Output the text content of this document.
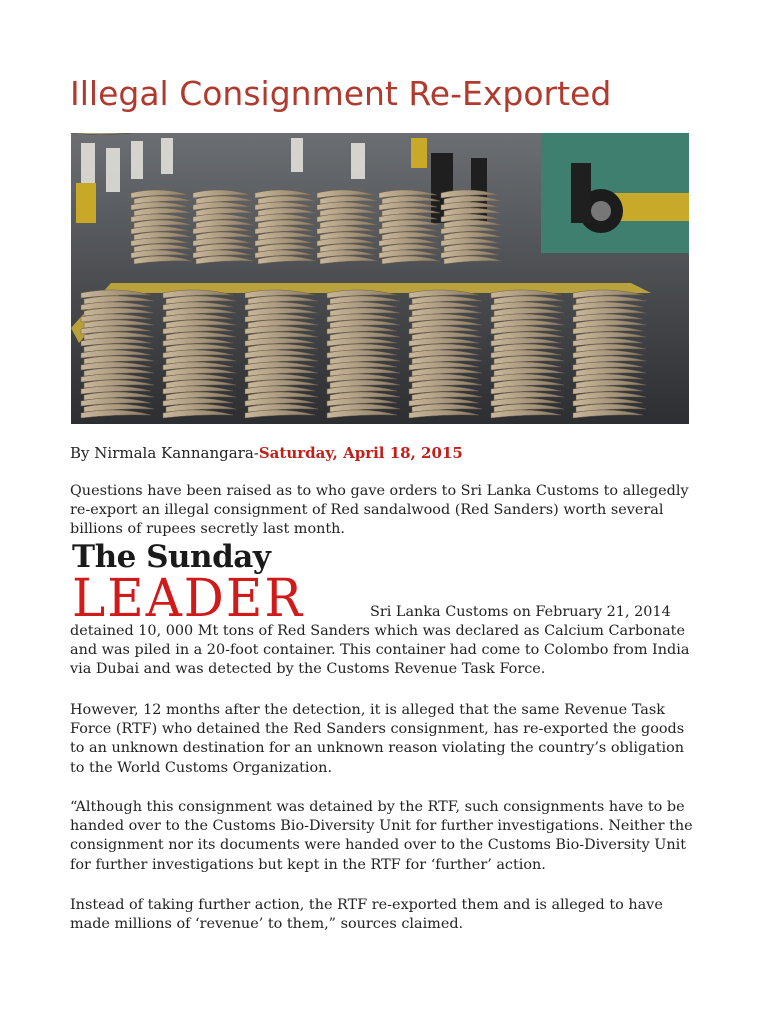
Illegal Consignment Re-Exported
By Nirmala Kannangara-Saturday, April 18, 2015

Questions have been raised as to who gave orders to Sri Lanka Customs to allegedly re-export an illegal consignment of Red sandalwood (Red Sanders) worth several billions of rupees secretly last month.

The Sunday
LEADER	Sri Lanka Customs on February 21, 2014

detained 10, 000 Mt tons of Red Sanders which was declared as Calcium Carbonate and was piled in a 20-foot container. This container had come to Colombo from India via Dubai and was detected by the Customs Revenue Task Force.

However, 12 months after the detection, it is alleged that the same Revenue Task Force (RTF) who detained the Red Sanders consignment, has re-exported the goods to an unknown destination for an unknown reason violating the country’s obligation to the World Customs Organization.

“Although this consignment was detained by the RTF, such consignments have to be handed over to the Customs Bio-Diversity Unit for further investigations. Neither the consignment nor its documents were handed over to the Customs Bio-Diversity Unit for further investigations but kept in the RTF for ‘further’ action.

Instead of taking further action, the RTF re-exported them and is alleged to have made millions of ‘revenue’ to them,” sources claimed.
